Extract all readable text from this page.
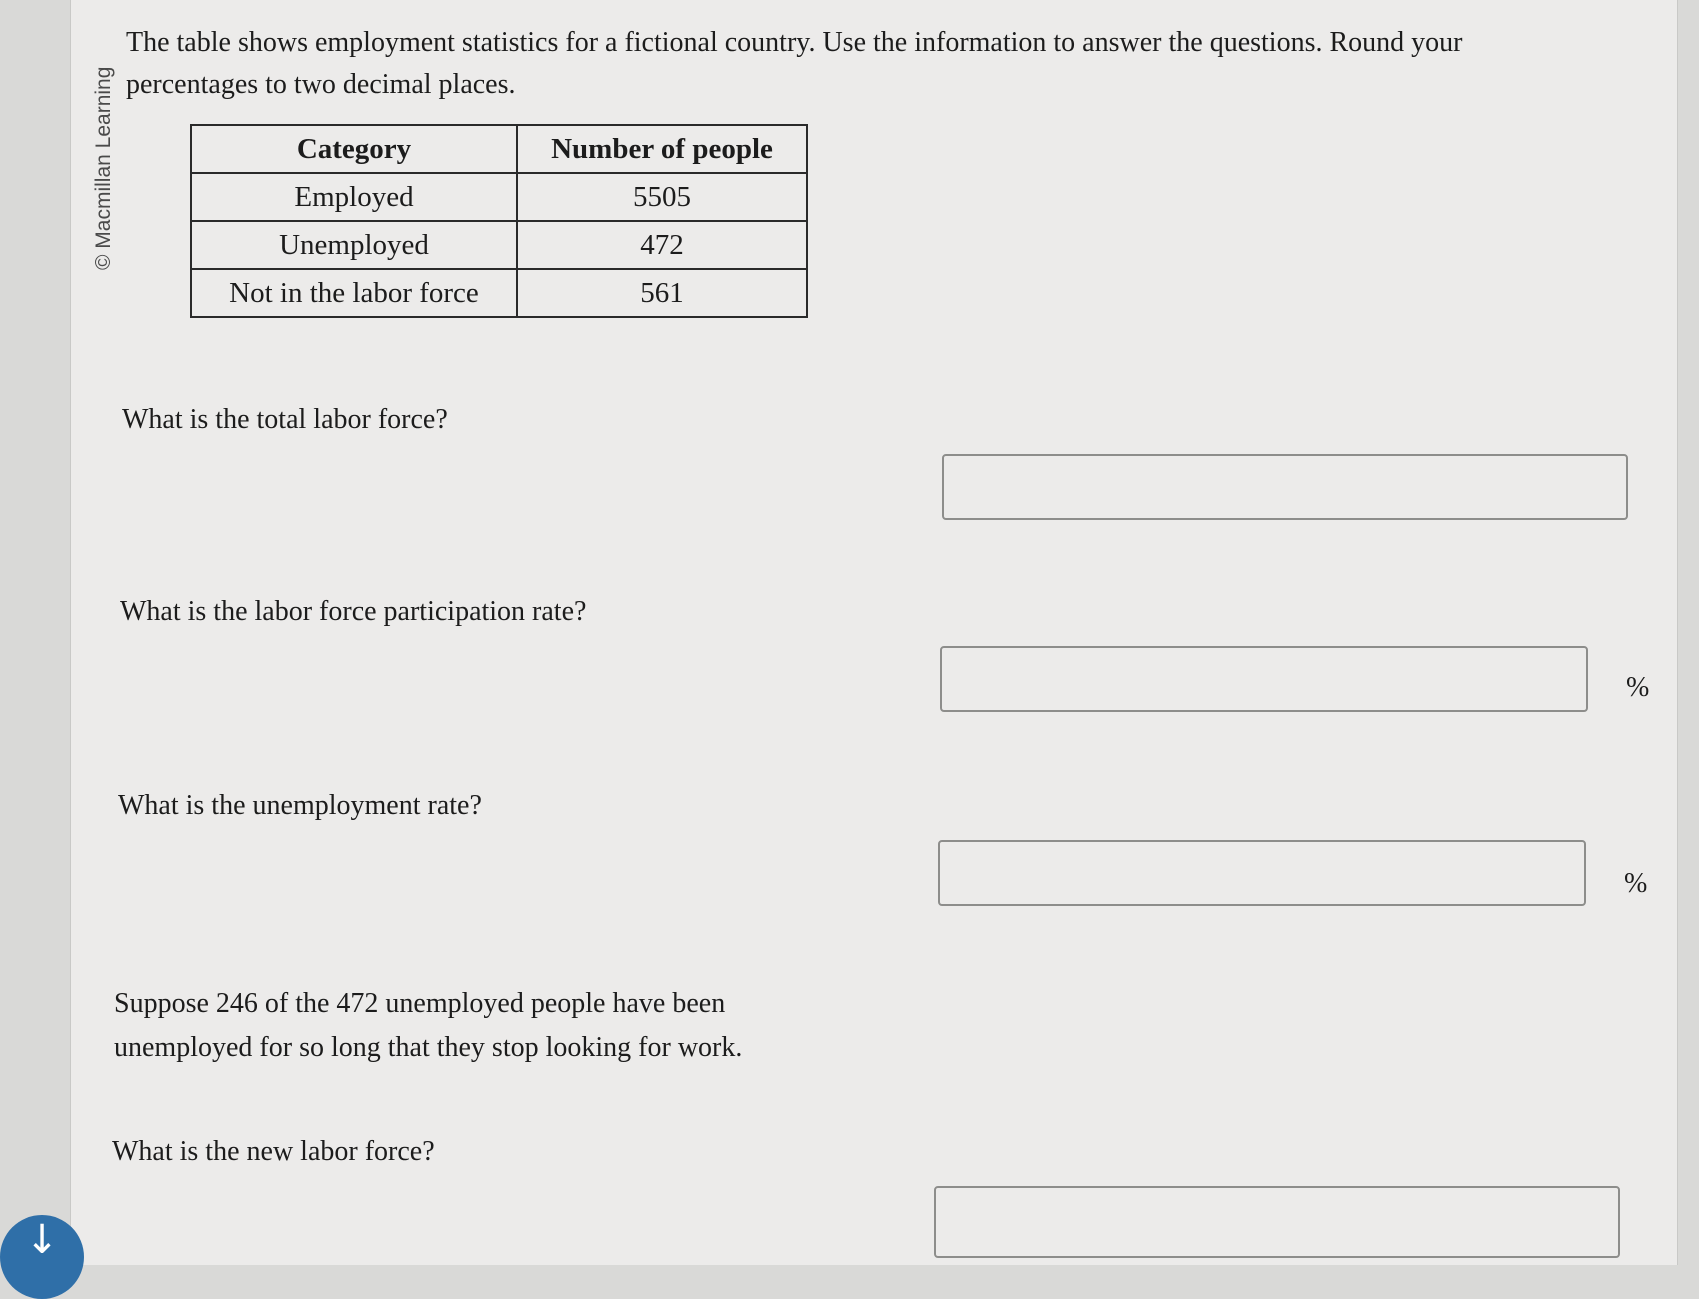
© Macmillan Learning
The table shows employment statistics for a fictional country. Use the information to answer the questions. Round your percentages to two decimal places.
Category	Number of people
Employed	5505
Unemployed	472
Not in the labor force	561
What is the total labor force?
What is the labor force participation rate?
%
What is the unemployment rate?
%
Suppose 246 of the 472 unemployed people have been unemployed for so long that they stop looking for work.
What is the new labor force?
↓
